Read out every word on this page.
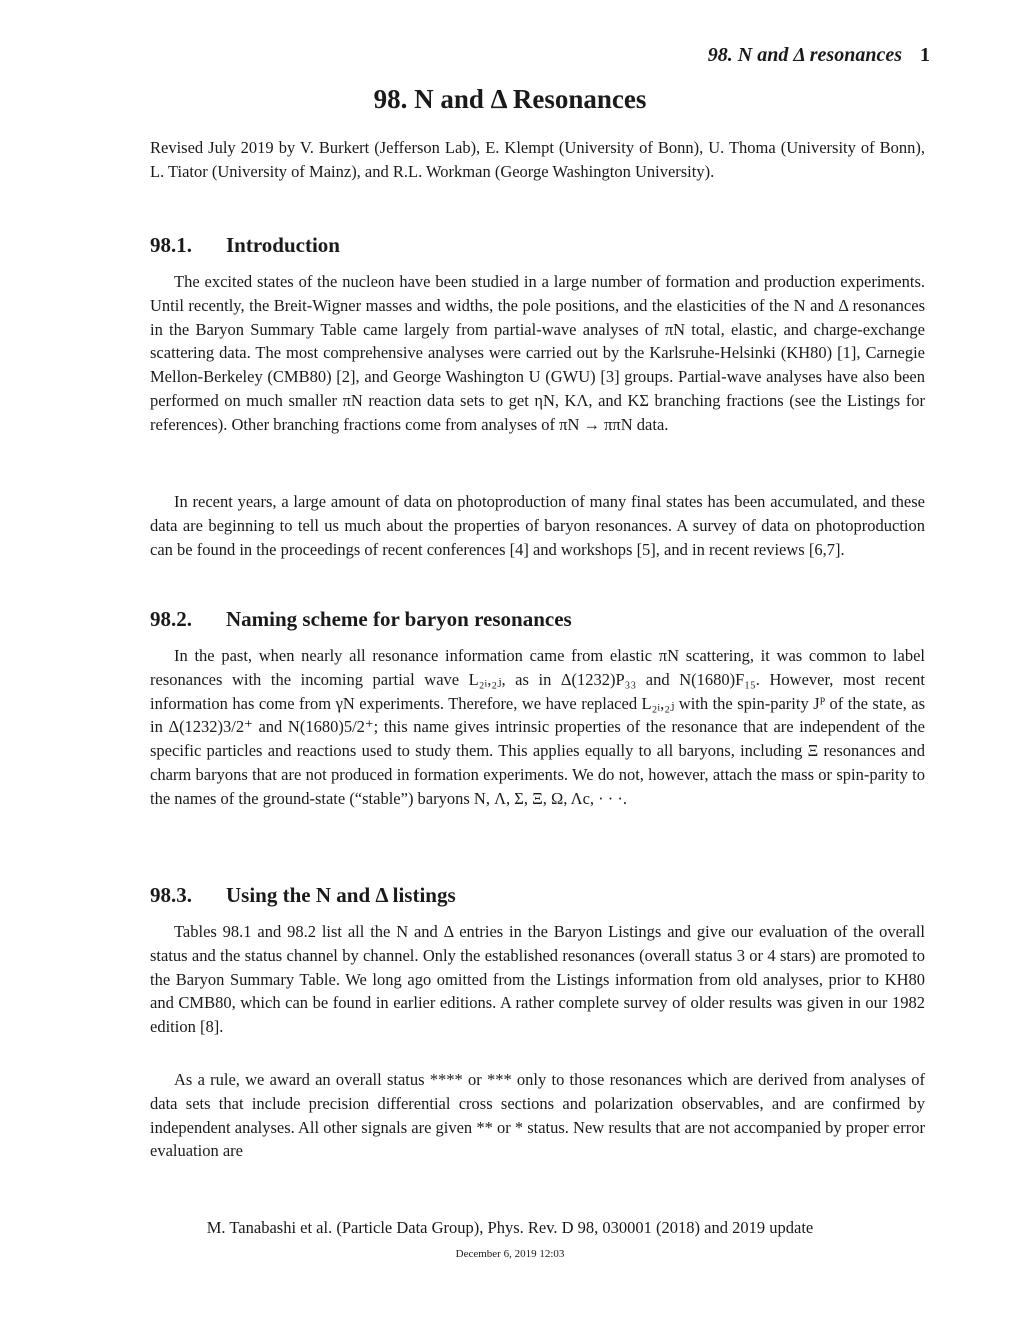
98. N and Δ resonances 1
98. N and Δ Resonances

Revised July 2019 by V. Burkert (Jefferson Lab), E. Klempt (University of Bonn), U. Thoma (University of Bonn), L. Tiator (University of Mainz), and R.L. Workman (George Washington University).

98.1. Introduction

The excited states of the nucleon have been studied in a large number of formation and production experiments. Until recently, the Breit-Wigner masses and widths, the pole positions, and the elasticities of the N and Δ resonances in the Baryon Summary Table came largely from partial-wave analyses of πN total, elastic, and charge-exchange scattering data. The most comprehensive analyses were carried out by the Karlsruhe-Helsinki (KH80) [1], Carnegie Mellon-Berkeley (CMB80) [2], and George Washington U (GWU) [3] groups. Partial-wave analyses have also been performed on much smaller πN reaction data sets to get ηN, KΛ, and KΣ branching fractions (see the Listings for references). Other branching fractions come from analyses of πN → ππN data.

In recent years, a large amount of data on photoproduction of many final states has been accumulated, and these data are beginning to tell us much about the properties of baryon resonances. A survey of data on photoproduction can be found in the proceedings of recent conferences [4] and workshops [5], and in recent reviews [6,7].

98.2. Naming scheme for baryon resonances

In the past, when nearly all resonance information came from elastic πN scattering, it was common to label resonances with the incoming partial wave L₂ᵢ,₂ⱼ, as in Δ(1232)P₃₃ and N(1680)F₁₅. However, most recent information has come from γN experiments. Therefore, we have replaced L₂ᵢ,₂ⱼ with the spin-parity Jᴾ of the state, as in Δ(1232)3/2⁺ and N(1680)5/2⁺; this name gives intrinsic properties of the resonance that are independent of the specific particles and reactions used to study them. This applies equally to all baryons, including Ξ resonances and charm baryons that are not produced in formation experiments. We do not, however, attach the mass or spin-parity to the names of the ground-state (“stable”) baryons N, Λ, Σ, Ξ, Ω, Λc, · · ·.

98.3. Using the N and Δ listings

Tables 98.1 and 98.2 list all the N and Δ entries in the Baryon Listings and give our evaluation of the overall status and the status channel by channel. Only the established resonances (overall status 3 or 4 stars) are promoted to the Baryon Summary Table. We long ago omitted from the Listings information from old analyses, prior to KH80 and CMB80, which can be found in earlier editions. A rather complete survey of older results was given in our 1982 edition [8].

As a rule, we award an overall status **** or *** only to those resonances which are derived from analyses of data sets that include precision differential cross sections and polarization observables, and are confirmed by independent analyses. All other signals are given ** or * status. New results that are not accompanied by proper error evaluation are

M. Tanabashi et al. (Particle Data Group), Phys. Rev. D 98, 030001 (2018) and 2019 update
December 6, 2019 12:03
